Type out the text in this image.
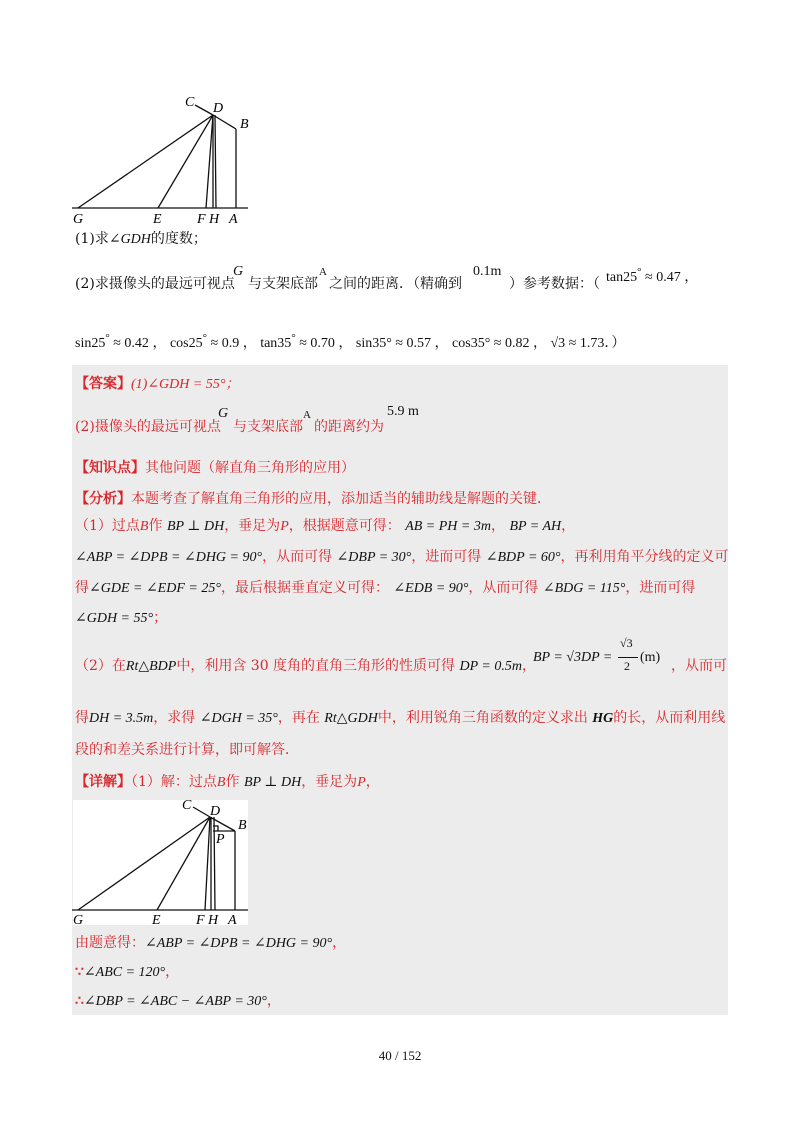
C D
B
G	E	F H A
(1)求∠GDH的度数；
(2)求摄像头的最远可视点
G
与支架底部
A
之间的距离．（精确到
0.1m
）参考数据：（ tan25° ≈ 0.47 ，
sin25° ≈ 0.42 ， cos25° ≈ 0.9 ， tan35° ≈ 0.70 ， sin35° ≈ 0.57 ， cos35° ≈ 0.82 ， √3 ≈ 1.73．）
【答案】(1)∠GDH = 55°；
(2)摄像头的最远可视点
G
与支架底部
A
的距离约为
5.9 m
【知识点】其他问题（解直角三角形的应用）
【分析】本题考查了解直角三角形的应用，添加适当的辅助线是解题的关键．
（1）过点B作 BP ⊥ DH，垂足为P，根据题意可得： AB = PH = 3m， BP = AH，
∠ABP = ∠DPB = ∠DHG = 90°，从而可得 ∠DBP = 30°，进而可得 ∠BDP = 60°，再利用角平分线的定义可
得∠GDE = ∠EDF = 25°，最后根据垂直定义可得： ∠EDB = 90°，从而可得 ∠BDG = 115°，进而可得
∠GDH = 55°；
（2）在Rt△BDP中，利用含 30 度角的直角三角形的性质可得 DP = 0.5m，
BP = √3DP =
√3
2
(m)
，从而可
得DH = 3.5m，求得 ∠DGH = 35°，再在 Rt△GDH中，利用锐角三角函数的定义求出 HG的长，从而利用线
段的和差关系进行计算，即可解答．
【详解】（1）解：过点B作 BP ⊥ DH，垂足为P，
C D
B
P
G	E	F H A
由题意得：∠ABP = ∠DPB = ∠DHG = 90°，
∵∠ABC = 120°，
∴∠DBP = ∠ABC − ∠ABP = 30°，
40 / 152
